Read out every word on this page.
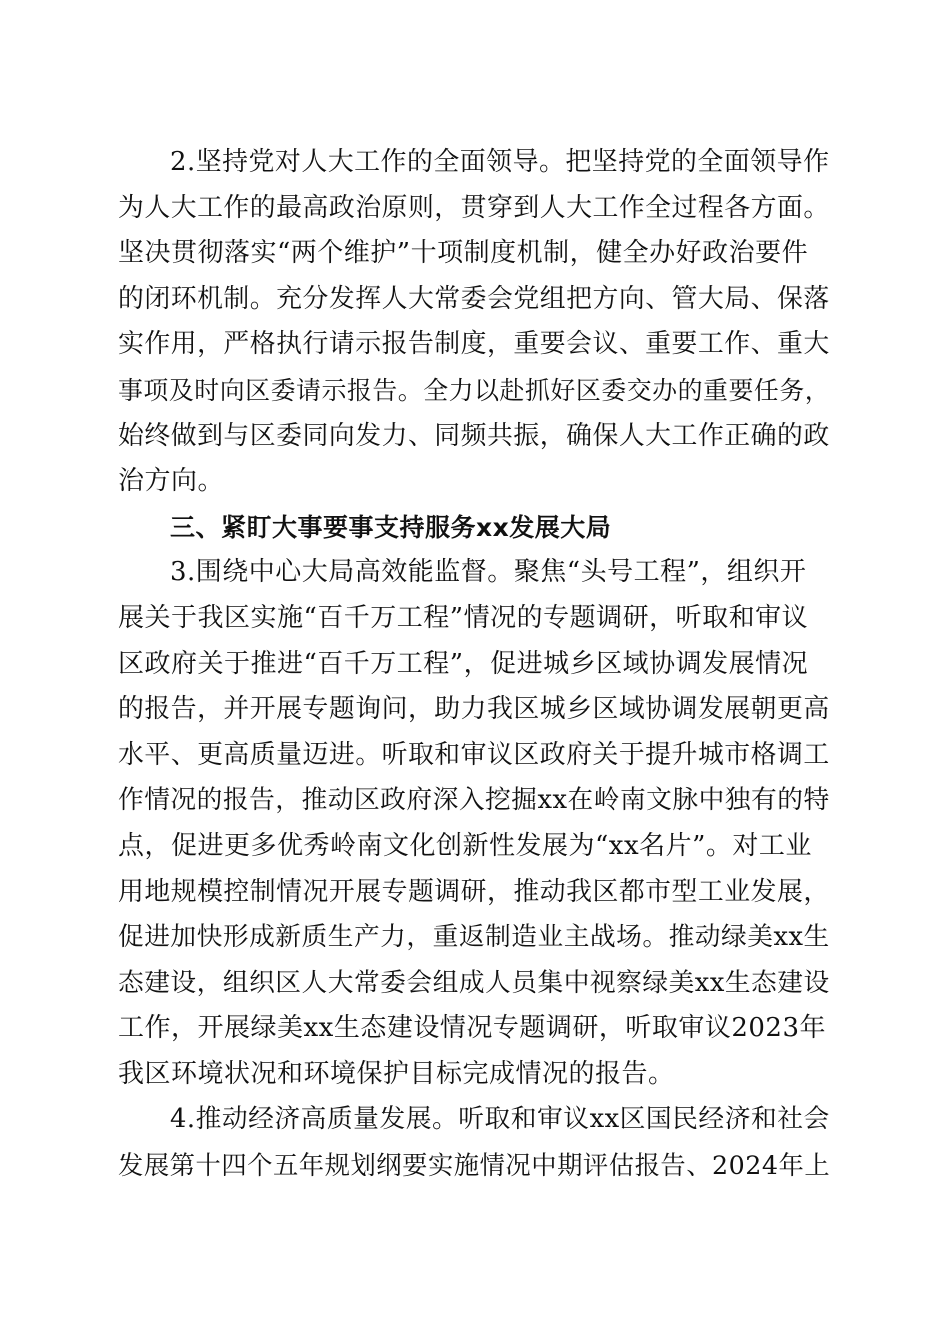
2.坚持党对人大工作的全面领导。把坚持党的全面领导作
为人大工作的最高政治原则，贯穿到人大工作全过程各方面。
坚决贯彻落实“两个维护”十项制度机制，健全办好政治要件
的闭环机制。充分发挥人大常委会党组把方向、管大局、保落
实作用，严格执行请示报告制度，重要会议、重要工作、重大
事项及时向区委请示报告。全力以赴抓好区委交办的重要任务，
始终做到与区委同向发力、同频共振，确保人大工作正确的政
治方向。
三、紧盯大事要事支持服务xx发展大局
3.围绕中心大局高效能监督。聚焦“头号工程”，组织开
展关于我区实施“百千万工程”情况的专题调研，听取和审议
区政府关于推进“百千万工程”，促进城乡区域协调发展情况
的报告，并开展专题询问，助力我区城乡区域协调发展朝更高
水平、更高质量迈进。听取和审议区政府关于提升城市格调工
作情况的报告，推动区政府深入挖掘xx在岭南文脉中独有的特
点，促进更多优秀岭南文化创新性发展为“xx名片”。对工业
用地规模控制情况开展专题调研，推动我区都市型工业发展，
促进加快形成新质生产力，重返制造业主战场。推动绿美xx生
态建设，组织区人大常委会组成人员集中视察绿美xx生态建设
工作，开展绿美xx生态建设情况专题调研，听取审议2023年
我区环境状况和环境保护目标完成情况的报告。
4.推动经济高质量发展。听取和审议xx区国民经济和社会
发展第十四个五年规划纲要实施情况中期评估报告、2024年上
